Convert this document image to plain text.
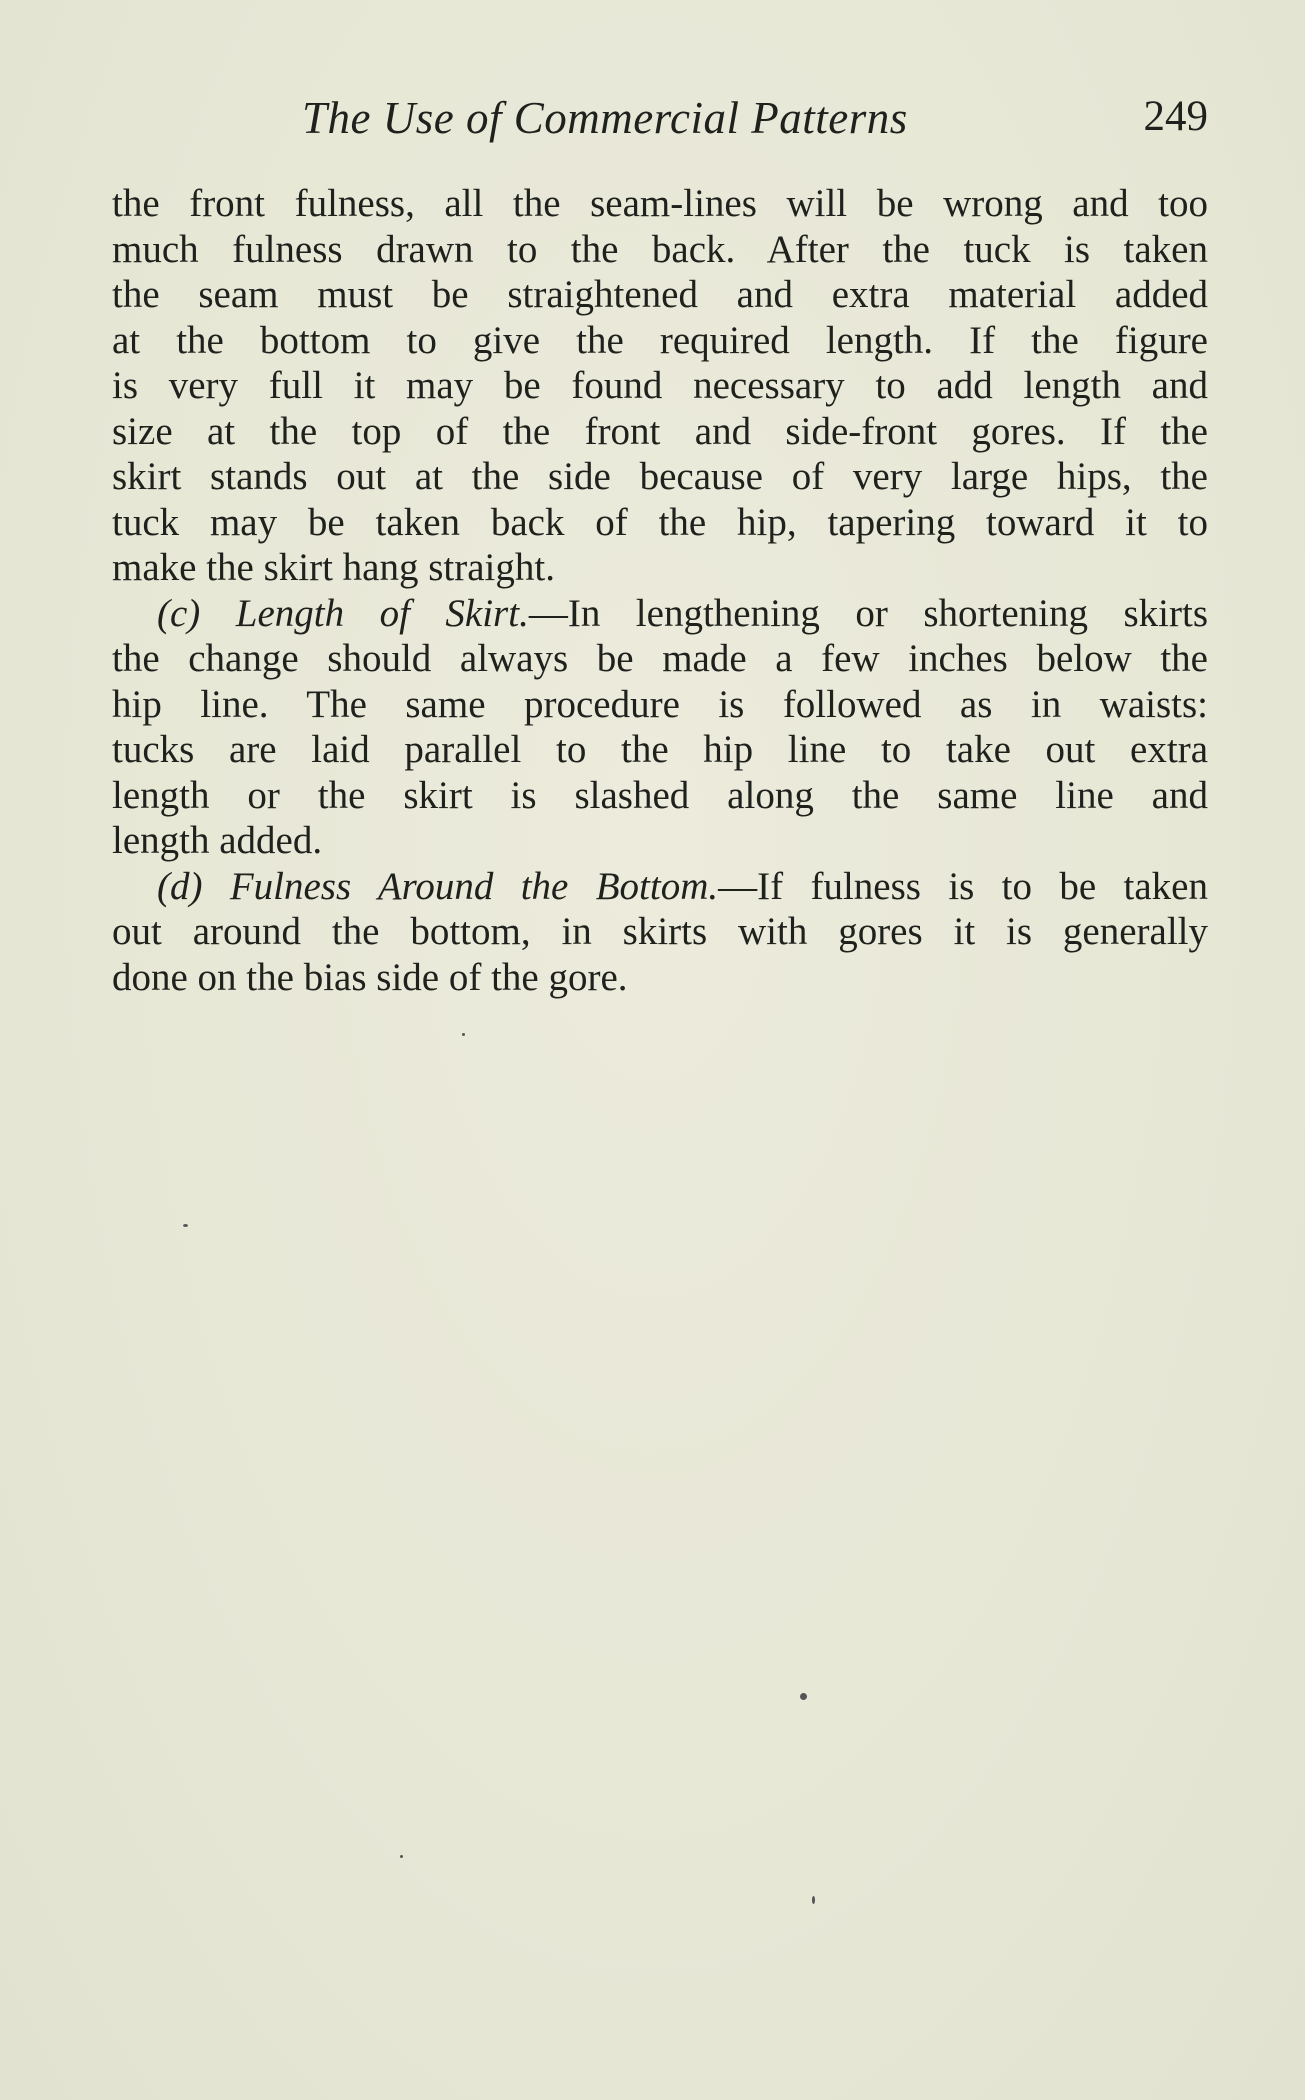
The Use of Commercial Patterns	249
the front fulness, all the seam-lines will be wrong and too
much fulness drawn to the back. After the tuck is taken
the seam must be straightened and extra material added
at the bottom to give the required length. If the figure
is very full it may be found necessary to add length and
size at the top of the front and side-front gores. If the
skirt stands out at the side because of very large hips, the
tuck may be taken back of the hip, tapering toward it to
make the skirt hang straight.
(c) Length of Skirt.—In lengthening or shortening skirts
the change should always be made a few inches below the
hip line. The same procedure is followed as in waists:
tucks are laid parallel to the hip line to take out extra
length or the skirt is slashed along the same line and
length added.
(d) Fulness Around the Bottom.—If fulness is to be taken
out around the bottom, in skirts with gores it is generally
done on the bias side of the gore.
